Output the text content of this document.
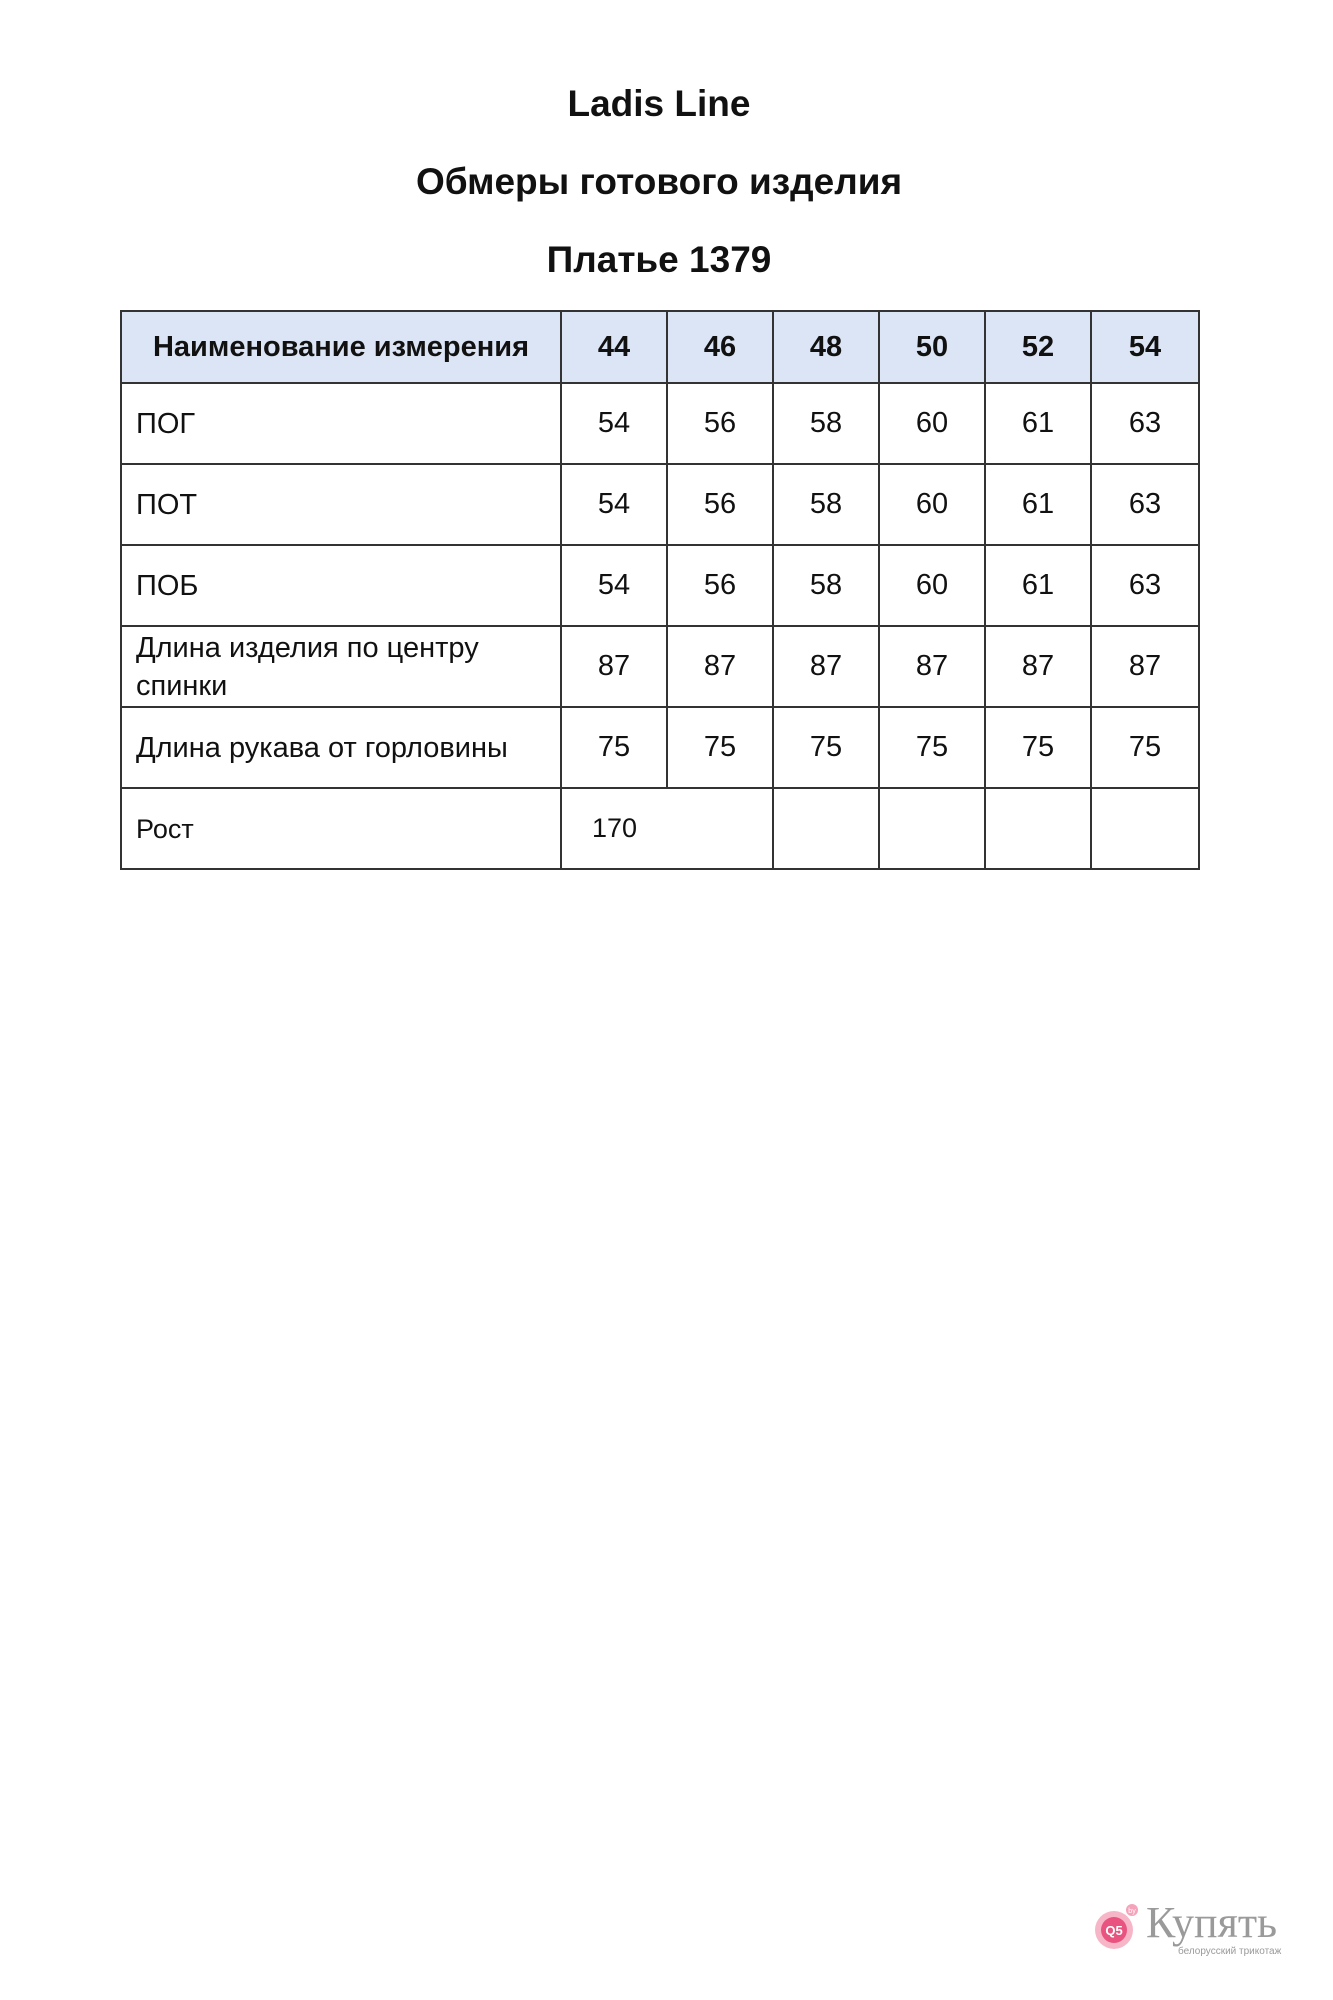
Ladis Line
Обмеры готового изделия
Платье 1379
Наименование измерения	44	46	48	50	52	54
ПОГ	54	56	58	60	61	63
ПОТ	54	56	58	60	61	63
ПОБ	54	56	58	60	61	63
Длина изделия по центру спинки	87	87	87	87	87	87
Длина рукава от горловины	75	75	75	75	75	75
Рост	170					
Q5
by Купять
белорусский трикотаж
